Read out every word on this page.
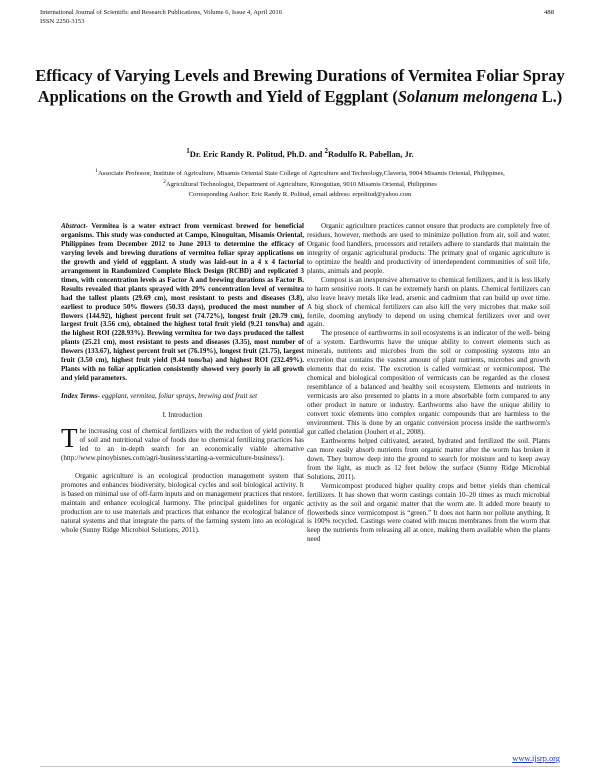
International Journal of Scientific and Research Publications, Volume 6, Issue 4, April 2016
ISSN 2250-3153
488
Efficacy of Varying Levels and Brewing Durations of Vermitea Foliar Spray Applications on the Growth and Yield of Eggplant (Solanum melongena L.)
$^1$Dr. Eric Randy R. Politud, Ph.D. and $^2$Rodulfo R. Pabellan, Jr.
$^1$Associate Professor, Institute of Agriculture, Misamis Oriental State College of Agriculture and Technology,Claveria, 9004 Misamis Oriental, Philippines,
$^2$Agricultural Technologist, Department of Agriculture, Kinoguitan, 9010 Misamis Oriental, Philippines
Corresponding Author: Eric Randy R. Politud, email address: erpolitud@yahoo.com

Abstract- Vermitea is a water extract from vermicast brewed for beneficial organisms. This study was conducted at Campo, Kinoguitan, Misamis Oriental, Philippines from December 2012 to June 2013 to determine the efficacy of varying levels and brewing durations of vermitea foliar spray applications on the growth and yield of eggplant. A study was laid-out in a 4 x 4 factorial arrangement in Randomized Complete Block Design (RCBD) and replicated 3 times, with concentration levels as Factor A and brewing durations as Factor B. Results revealed that plants sprayed with 20% concentration level of vermitea had the tallest plants (29.69 cm), most resistant to pests and diseases (3.8), earliest to produce 50% flowers (50.33 days), produced the most number of flowers (144.92), highest percent fruit set (74.72%), longest fruit (20.79 cm), largest fruit (3.56 cm), obtained the highest total fruit yield (9.21 tons/ha) and the highest ROI (228.93%). Brewing vermitea for two days produced the tallest plants (25.21 cm), most resistant to pests and diseases (3.35), most number of flowers (133.67), highest percent fruit set (76.19%), longest fruit (21.75), largest fruit (3.50 cm), highest fruit yield (9.44 tons/ha) and highest ROI (232.49%). Plants with no foliar application consistently showed very poorly in all growth and yield parameters.

Index Terms- eggplant, vermitea, foliar sprays, brewing and fruit set

I. Introduction

The increasing cost of chemical fertilizers with the reduction of yield potential of soil and nutritional value of foods due to chemical fertilizing practices has led to an in-depth search for an economically viable alternative (http://www.pinoybisnes.com/agri-business/starting-a-vermiculture-business/).

Organic agriculture is an ecological production management system that promotes and enhances biodiversity, biological cycles and soil biological activity. It is based on minimal use of off-farm inputs and on management practices that restore, maintain and enhance ecological harmony. The principal guidelines for organic production are to use materials and practices that enhance the ecological balance of natural systems and that integrate the parts of the farming system into an ecological whole (Sunny Ridge Microbiol Solutions, 2011).

Organic agriculture practices cannot ensure that products are completely free of residues, however, methods are used to minimize pollution from air, soil and water. Organic food handlers, processors and retailers adhere to standards that maintain the integrity of organic agricultural products. The primary goal of organic agriculture is to optimize the health and productivity of interdependent communities of soil life, plants, animals and people.

Compost is an inexpensive alternative to chemical fertilizers, and it is less likely to harm sensitive roots. It can be extremely harsh on plants. Chemical fertilizers can also leave heavy metals like lead, arsenic and cadmium that can build up over time. A big shock of chemical fertilizers can also kill the very microbes that make soil fertile, dooming anybody to depend on using chemical fertilizers over and over again.

The presence of earthworms in soil ecosystems is an indicator of the well- being of a system. Earthworms have the unique ability to convert elements such as minerals, nutrients and microbes from the soil or composting systems into an excretion that contains the vastest amount of plant nutrients, microbes and growth elements that do exist. The excretion is called vermicast or vermicompost. The chemical and biological composition of vermicasts can be regarded as the closest resemblance of a balanced and healthy soil ecosystem. Elements and nutrients in vermicasts are also presented to plants in a more absorbable form compared to any other product in nature or industry. Earthworms also have the unique ability to convert toxic elements into complex organic compounds that are harmless to the environment. This is done by an organic conversion process inside the earthworm's gut called chelation (Joubert et al., 2008).

Earthworms helped cultivated, aerated, hydrated and fertilized the soil. Plants can more easily absorb nutrients from organic matter after the worm has broken it down. They burrow deep into the ground to search for moisture and to keep away from the light, as much as 12 feet below the surface (Sunny Ridge Microbial Solutions, 2011).

Vermicompost produced higher quality crops and better yields than chemical fertilizers. It has shown that worm castings contain 10–20 times as much microbial activity as the soil and organic matter that the worm ate. It added more beauty to flowerbeds since vermicompost is “green.” It does not harm nor pollute anything. It is 100% recycled. Castings were coated with mucus membranes from the worm that keep the nutrients from releasing all at once, making them available when the plants need

www.ijsrp.org
